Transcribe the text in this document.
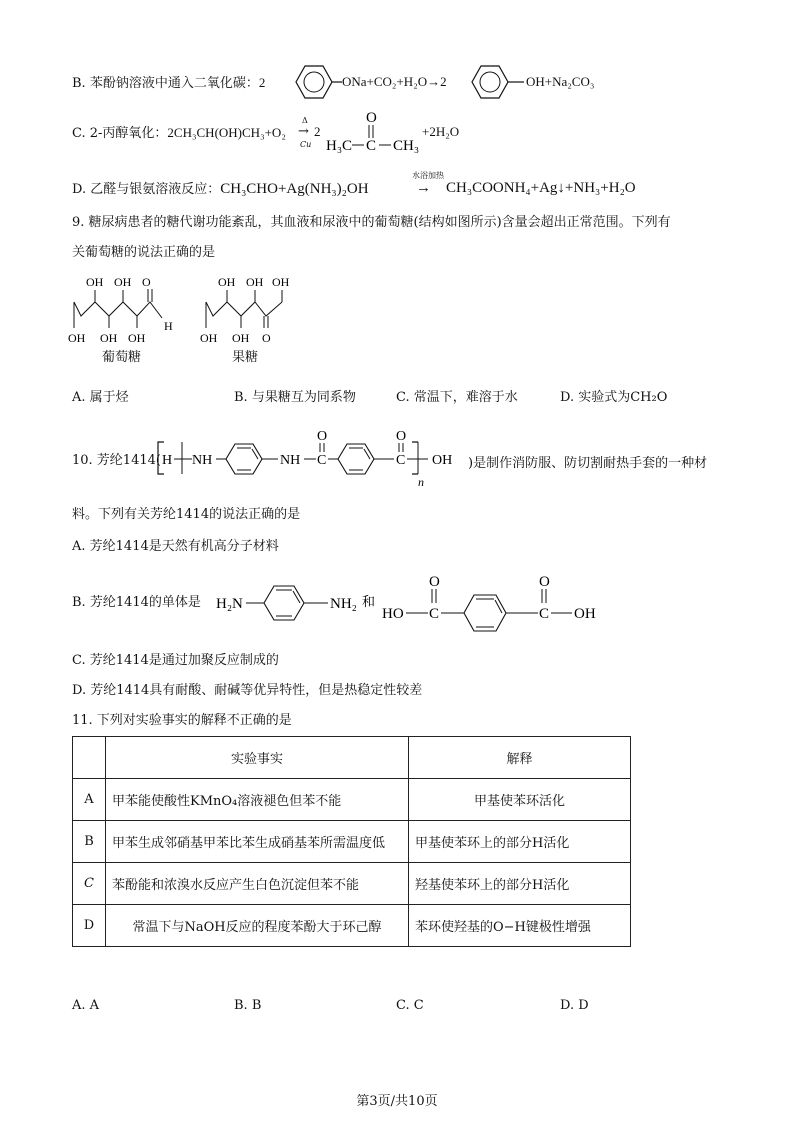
B. 苯酚钠溶液中通入二氧化碳：2	ONa+CO₂+H₂O→2	OH+Na₂CO₃
C. 2-丙醇氧化：2CH₃CH(OH)CH₃+O₂
Δ
→
Cu
2
O
H₃C C CH₃
+2H₂O
D. 乙醛与银氨溶液反应：CH₃CHO+Ag(NH₃)₂OH
水浴加热
→ CH₃COONH₄+Ag↓+NH₃+H₂O
9. 糖尿病患者的糖代谢功能紊乱，其血液和尿液中的葡萄糖(结构如图所示)含量会超出正常范围。下列有
关葡萄糖的说法正确的是
OH OH O
H
OH OH OH
葡萄糖
OH OH OH
OH OH O
果糖
A. 属于烃	B. 与果糖互为同系物	C. 常温下，难溶于水	D. 实验式为CH₂O
10. 芳纶1414( H NH	NH C
O
C
O
n
OH )是制作消防服、防切割耐热手套的一种材
料。下列有关芳纶1414的说法正确的是
A. 芳纶1414是天然有机高分子材料
B. 芳纶1414的单体是 H₂N	NH₂ 和
HO C
O
C
O
OH
C. 芳纶1414是通过加聚反应制成的
D. 芳纶1414具有耐酸、耐碱等优异特性，但是热稳定性较差
11. 下列对实验事实的解释不正确的是
	实验事实	解释
A	甲苯能使酸性KMnO₄溶液褪色但苯不能	甲基使苯环活化
B	甲苯生成邻硝基甲苯比苯生成硝基苯所需温度低	甲基使苯环上的部分H活化
C	苯酚能和浓溴水反应产生白色沉淀但苯不能	羟基使苯环上的部分H活化
D	常温下与NaOH反应的程度苯酚大于环己醇	苯环使羟基的O−H键极性增强
A. A	B. B	C. C	D. D
第3页/共10页
